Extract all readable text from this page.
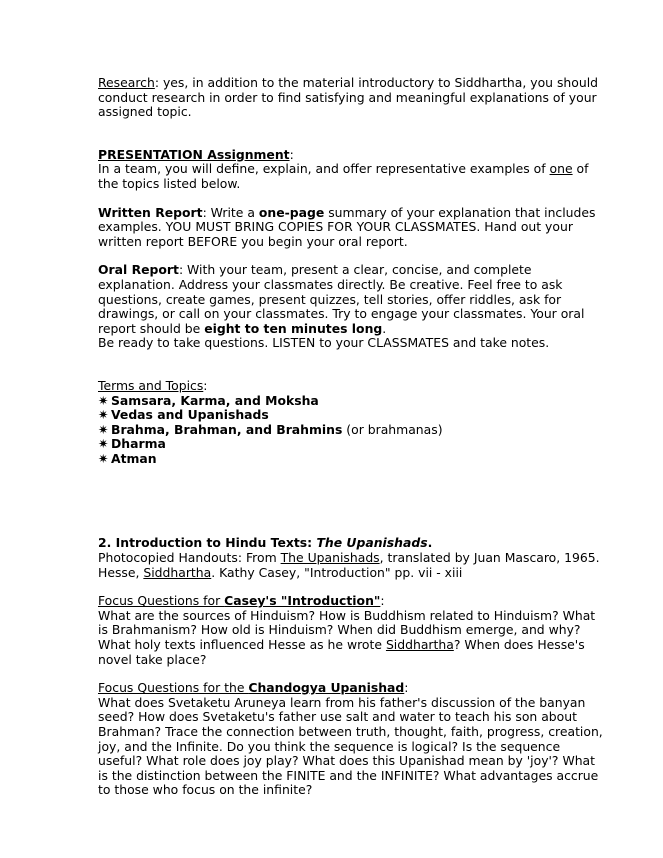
Research: yes, in addition to the material introductory to Siddhartha, you should conduct research in order to find satisfying and meaningful explanations of your assigned topic.

PRESENTATION Assignment:

In a team, you will define, explain, and offer representative examples of one of the topics listed below.

Written Report: Write a one-page summary of your explanation that includes examples. YOU MUST BRING COPIES FOR YOUR CLASSMATES. Hand out your written report BEFORE you begin your oral report.

Oral Report: With your team, present a clear, concise, and complete explanation. Address your classmates directly. Be creative. Feel free to ask questions, create games, present quizzes, tell stories, offer riddles, ask for drawings, or call on your classmates. Try to engage your classmates. Your oral report should be eight to ten minutes long.

Be ready to take questions. LISTEN to your CLASSMATES and take notes.

Terms and Topics:

✷ Samsara, Karma, and Moksha
✷ Vedas and Upanishads
✷ Brahma, Brahman, and Brahmins (or brahmanas)
✷ Dharma
✷ Atman

2. Introduction to Hindu Texts: The Upanishads.

Photocopied Handouts: From The Upanishads, translated by Juan Mascaro, 1965.

Hesse, Siddhartha. Kathy Casey, "Introduction" pp. vii - xiii

Focus Questions for Casey's "Introduction":

What are the sources of Hinduism? How is Buddhism related to Hinduism? What is Brahmanism? How old is Hinduism? When did Buddhism emerge, and why? What holy texts influenced Hesse as he wrote Siddhartha? When does Hesse's novel take place?

Focus Questions for the Chandogya Upanishad:

What does Svetaketu Aruneya learn from his father's discussion of the banyan seed? How does Svetaketu's father use salt and water to teach his son about Brahman? Trace the connection between truth, thought, faith, progress, creation, joy, and the Infinite. Do you think the sequence is logical? Is the sequence useful? What role does joy play? What does this Upanishad mean by 'joy'? What is the distinction between the FINITE and the INFINITE? What advantages accrue to those who focus on the infinite?
